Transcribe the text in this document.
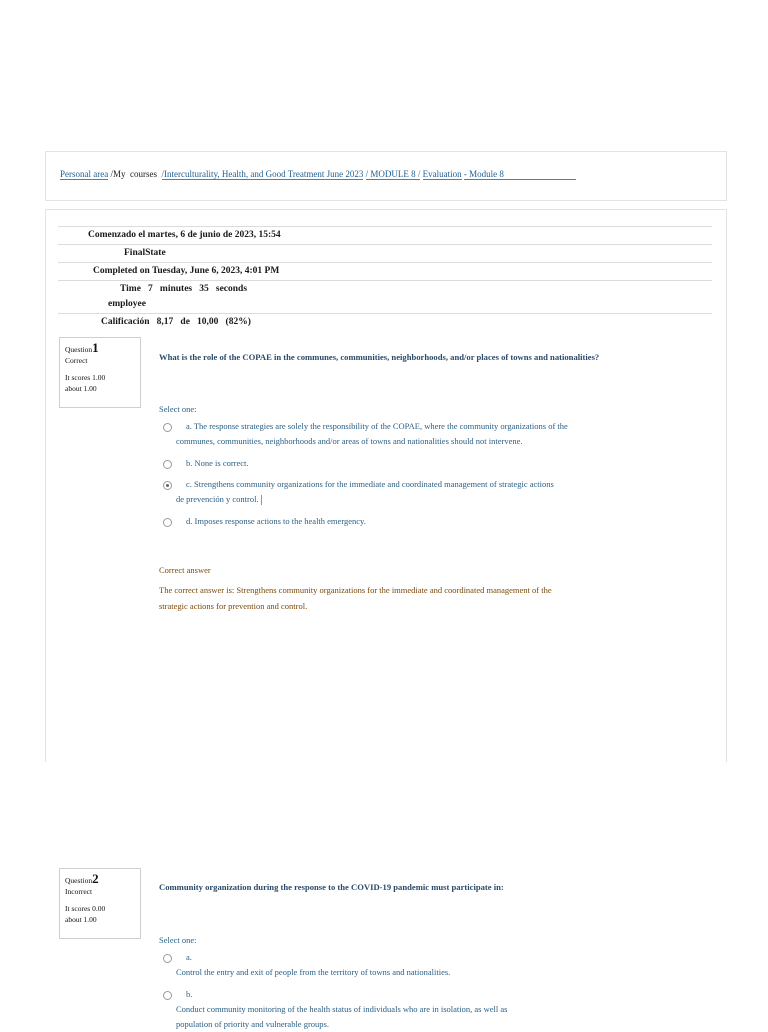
Personal area /My courses /Interculturality, Health, and Good Treatment June 2023 / MODULE 8 / Evaluation - Module 8
Comenzado el martes, 6 de junio de 2023, 15:54
FinalState
Completed on Tuesday, June 6, 2023, 4:01 PM
Time   7   minutes   35   seconds
employee
Calificación   8,17   de   10,00   (82%)
Question1
Correct
It scores 1.00
about 1.00
What is the role of the COPAE in the communes, communities, neighborhoods, and/or places of towns and nationalities?
Select one:
a. The response strategies are solely the responsibility of the COPAE, where the community organizations of the
communes, communities, neighborhoods and/or areas of towns and nationalities should not intervene.
b. None is correct.
c. Strengthens community organizations for the immediate and coordinated management of strategic actions
de prevención y control.
d. Imposes response actions to the health emergency.
Correct answer
The correct answer is: Strengthens community organizations for the immediate and coordinated management of the
strategic actions for prevention and control.
Question2
Incorrect
It scores 0.00
about 1.00
Community organization during the response to the COVID-19 pandemic must participate in:
Select one:
a.
Control the entry and exit of people from the territory of towns and nationalities.
b.
Conduct community monitoring of the health status of individuals who are in isolation, as well as
population of priority and vulnerable groups.
